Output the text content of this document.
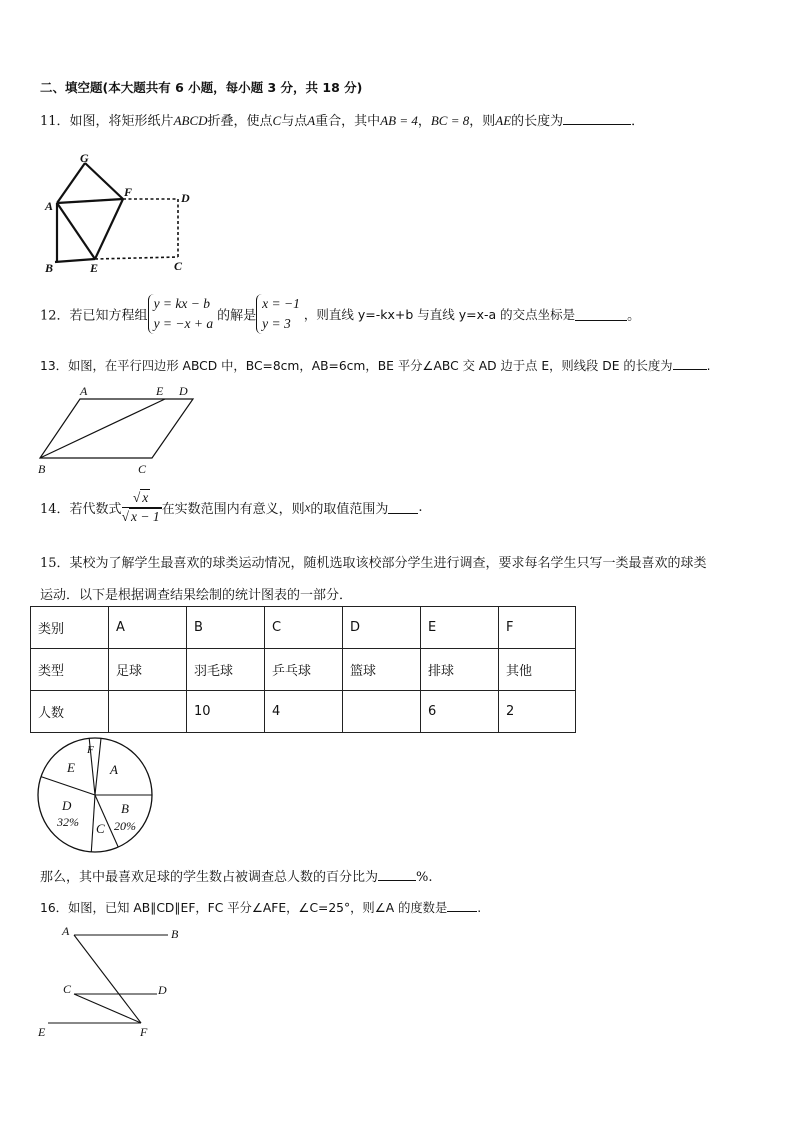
二、填空题(本大题共有 6 小题，每小题 3 分，共 18 分)
11．如图，将矩形纸片ABCD折叠，使点C与点A重合，其中AB = 4，BC = 8，则AE的长度为	．
G
A
F	D
B	E	C
A	E D
B	C
F
A
E
D
32%
B
20%
C
A	B
C	D
E	F
12．若已知方程组
y = kx − b
y = −x + a 的解是
x = −1
y = 3
，则直线 y=-kx+b 与直线 y=x-a 的交点坐标是	。
13．如图，在平行四边形 ABCD 中，BC=8cm，AB=6cm，BE 平分∠ABC 交 AD 边于点 E，则线段 DE 的长度为	.
14．若代数式 $\frac{√ x}{√ x - 1}$ 在实数范围内有意义，则x的取值范围为 .
15．某校为了解学生最喜欢的球类运动情况，随机选取该校部分学生进行调查，要求每名学生只写一类最喜欢的球类
运动．以下是根据调查结果绘制的统计图表的一部分．
类别	A	B	C	D	E	F
类型	足球	羽毛球	乒乓球	篮球	排球	其他
人数		10	4		6	2
那么，其中最喜欢足球的学生数占被调查总人数的百分比为	%.
16．如图，已知 AB∥CD∥EF，FC 平分∠AFE，∠C=25°，则∠A 的度数是 .
